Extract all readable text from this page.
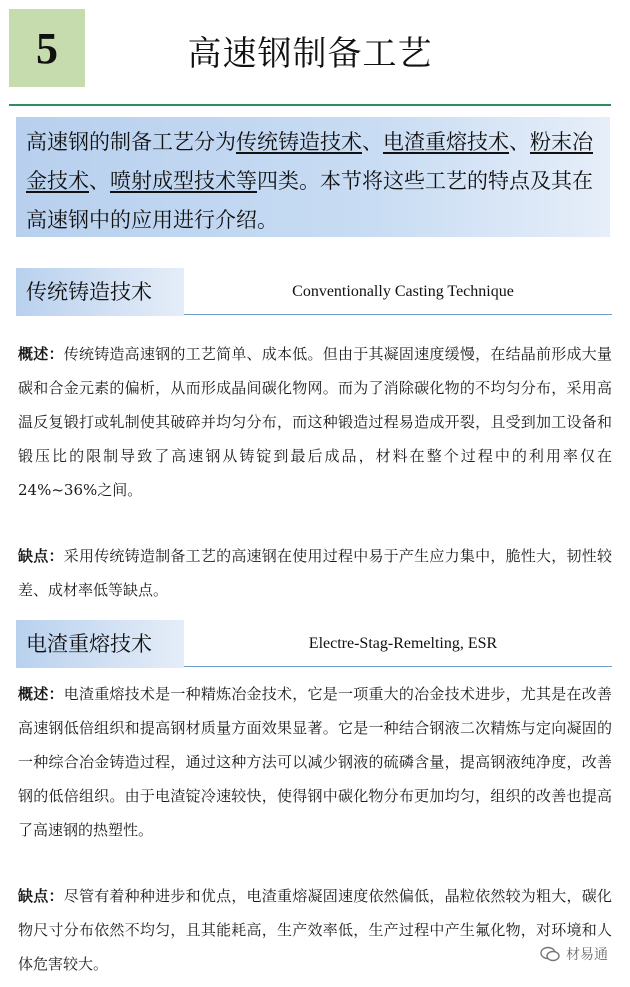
5	高速钢制备工艺
高速钢的制备工艺分为传统铸造技术、电渣重熔技术、粉末冶金技术、喷射成型技术等四类。本节将这些工艺的特点及其在高速钢中的应用进行介绍。
传统铸造技术	Conventionally Casting Technique
概述：传统铸造高速钢的工艺简单、成本低。但由于其凝固速度缓慢，在结晶前形成大量碳和合金元素的偏析，从而形成晶间碳化物网。而为了消除碳化物的不均匀分布，采用高温反复锻打或轧制使其破碎并均匀分布，而这种锻造过程易造成开裂，且受到加工设备和锻压比的限制导致了高速钢从铸锭到最后成品，材料在整个过程中的利用率仅在24%~36%之间。
缺点：采用传统铸造制备工艺的高速钢在使用过程中易于产生应力集中，脆性大，韧性较差、成材率低等缺点。
电渣重熔技术	Electre-Stag-Remelting, ESR
概述：电渣重熔技术是一种精炼冶金技术，它是一项重大的冶金技术进步，尤其是在改善高速钢低倍组织和提高钢材质量方面效果显著。它是一种结合钢液二次精炼与定向凝固的一种综合冶金铸造过程，通过这种方法可以减少钢液的硫磷含量，提高钢液纯净度，改善钢的低倍组织。由于电渣锭冷速较快，使得钢中碳化物分布更加均匀，组织的改善也提高了高速钢的热塑性。
缺点：尽管有着种种进步和优点，电渣重熔凝固速度依然偏低，晶粒依然较为粗大，碳化物尺寸分布依然不均匀，且其能耗高，生产效率低，生产过程中产生氟化物，对环境和人体危害较大。	材易通
